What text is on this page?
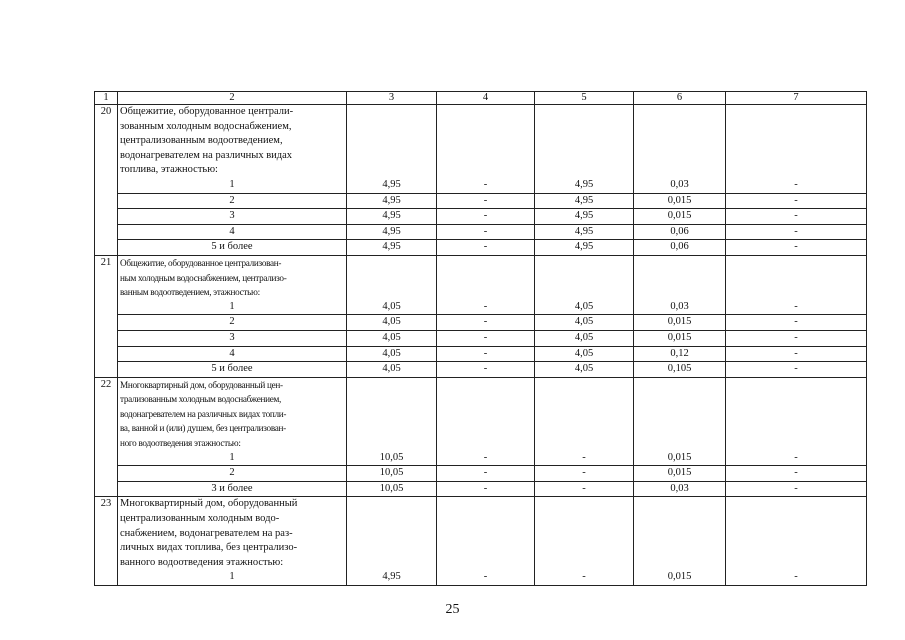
1	2	3	4	5	6	7
20	Общежитие, оборудованное централи-
зованным холодным водоснабжением,
централизованным водоотведением,
водонагревателем на различных видах
топлива, этажностью:					

	1	4,95	-	4,95	0,03	-
	2	4,95	-	4,95	0,015	-
	3	4,95	-	4,95	0,015	-
	4	4,95	-	4,95	0,06	-
	5 и более	4,95	-	4,95	0,06	-
21	Общежитие, оборудованное централизован-
ным холодным водоснабжением, централизо-
ванным водоотведением, этажностью:					

	1	4,05	-	4,05	0,03	-
	2	4,05	-	4,05	0,015	-
	3	4,05	-	4,05	0,015	-
	4	4,05	-	4,05	0,12	-
	5 и более	4,05	-	4,05	0,105	-
22	Многоквартирный дом, оборудованный цен-
трализованным холодным водоснабжением,
водонагревателем на различных видах топли-
ва, ванной и (или) душем, без централизован-
ного водоотведения этажностью:					

	1	10,05	-	-	0,015	-
	2	10,05	-	-	0,015	-
	3 и более	10,05	-	-	0,03	-
23	Многоквартирный дом, оборудованный
централизованным холодным водо-
снабжением, водонагревателем на раз-
личных видах топлива, без централизо-
ванного водоотведения этажностью:					

	1	4,95	-	-	0,015	-
25
